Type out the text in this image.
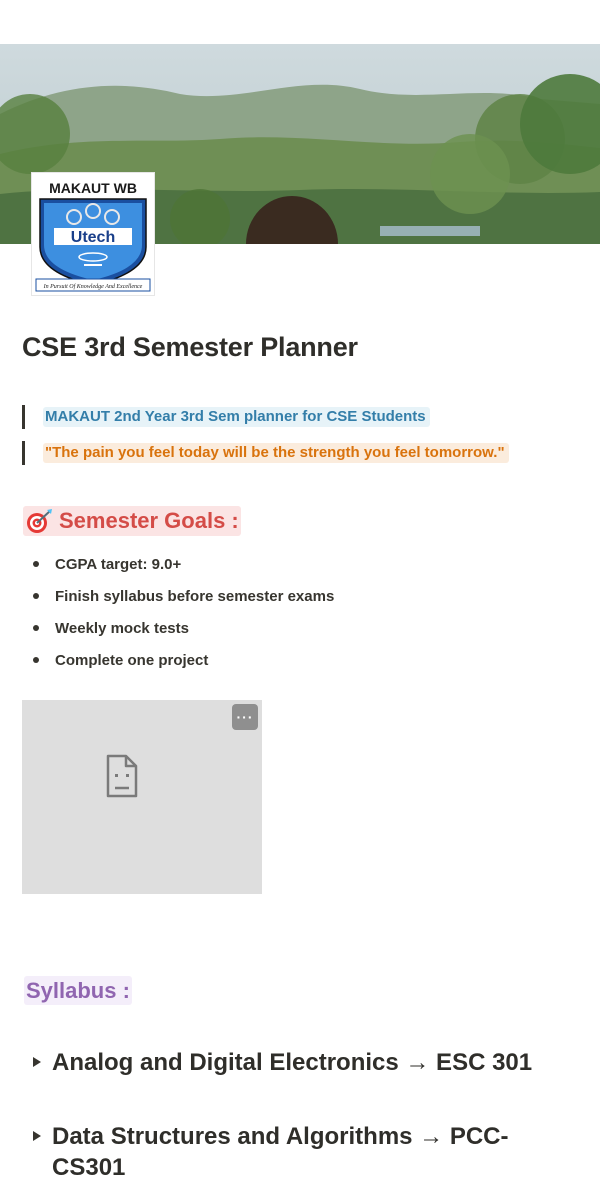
MAKAUT WB
Utech
In Pursuit Of Knowledge And Excellence
CSE 3rd Semester Planner
MAKAUT 2nd Year 3rd Sem planner for CSE Students
"The pain you feel today will be the strength you feel tomorrow."
Semester Goals :
CGPA target: 9.0+
Finish syllabus before semester exams
Weekly mock tests
Complete one project
···
Syllabus :
Analog and Digital Electronics → ESC 301
Data Structures and Algorithms → PCC-CS301
